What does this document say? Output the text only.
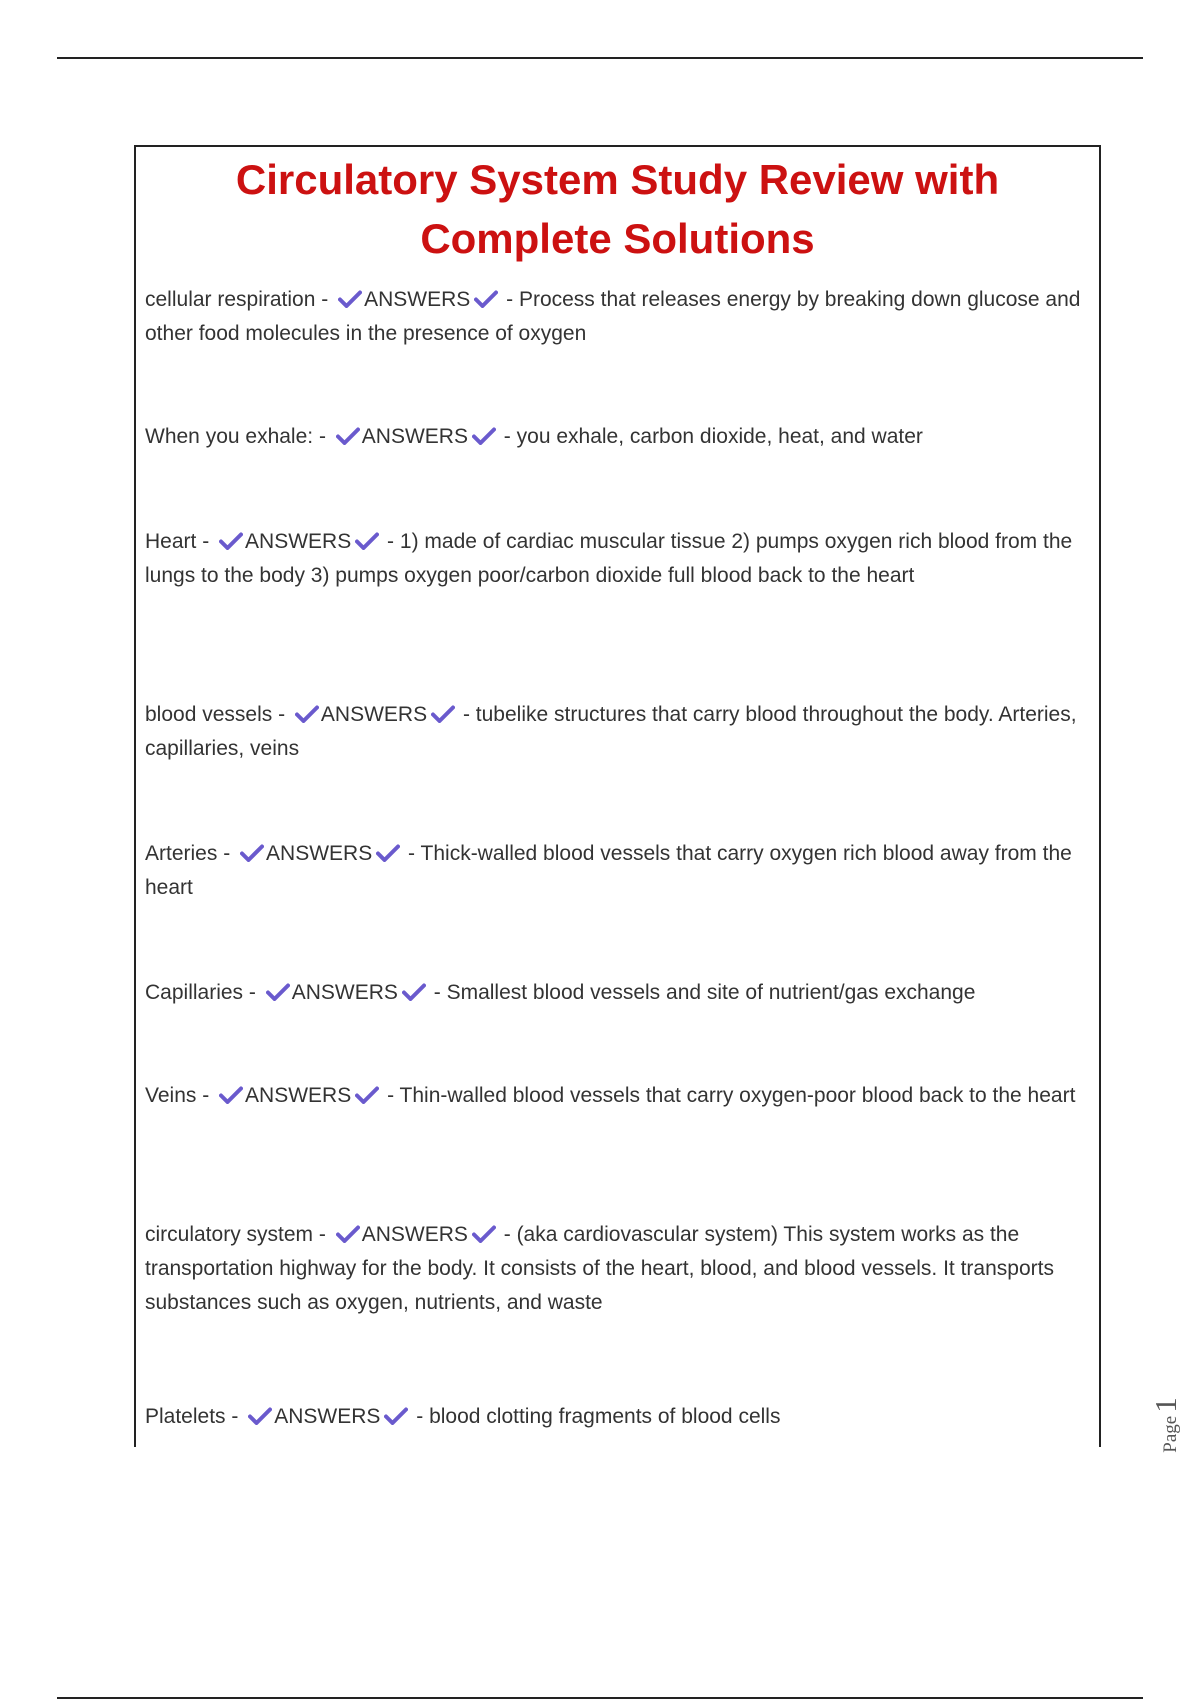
Circulatory System Study Review with Complete Solutions

cellular respiration -
ANSWERS
- Process that releases energy by breaking down glucose and other food molecules in the presence of oxygen

When you exhale: -
ANSWERS
- you exhale, carbon dioxide, heat, and water

Heart -
ANSWERS
- 1) made of cardiac muscular tissue 2) pumps oxygen rich blood from the lungs to the body 3) pumps oxygen poor/carbon dioxide full blood back to the heart

blood vessels -
ANSWERS
- tubelike structures that carry blood throughout the body. Arteries, capillaries, veins

Arteries -
ANSWERS
- Thick-walled blood vessels that carry oxygen rich blood away from the heart

Capillaries -
ANSWERS
- Smallest blood vessels and site of nutrient/gas exchange

Veins -
ANSWERS
- Thin-walled blood vessels that carry oxygen-poor blood back to the heart

circulatory system -
ANSWERS
- (aka cardiovascular system) This system works as the transportation highway for the body. It consists of the heart, blood, and blood vessels. It transports substances such as oxygen, nutrients, and waste

Platelets -
ANSWERS
- blood clotting fragments of blood cells	Page1
